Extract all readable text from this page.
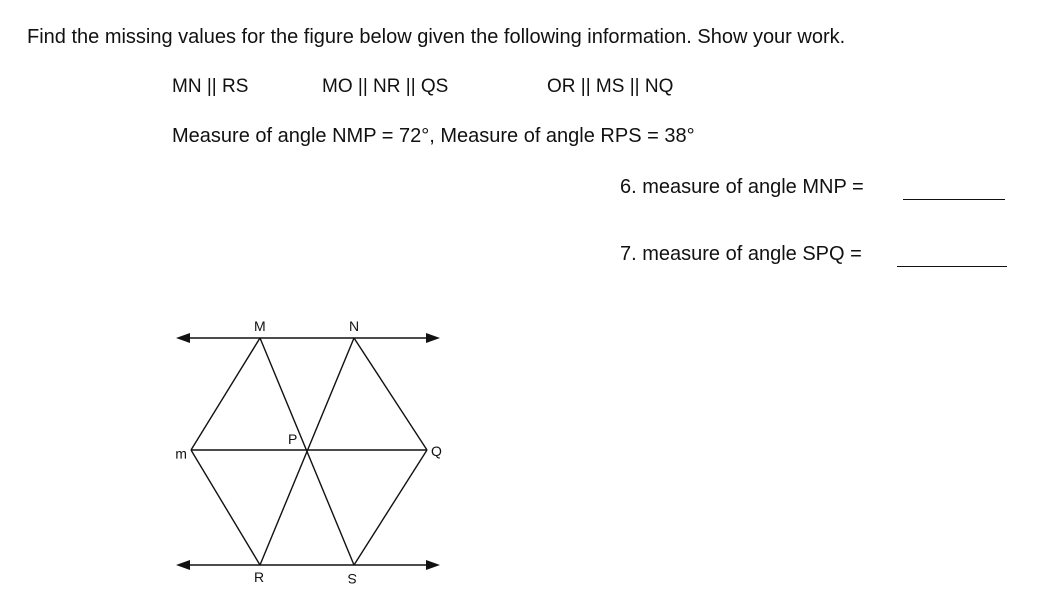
Find the missing values for the figure below given the following information. Show your work.
MN || RS	MO || NR || QS	OR || MS || NQ
Measure of angle NMP = 72°, Measure of angle RPS = 38°
6. measure of angle MNP =
7. measure of angle SPQ =
M	N
P
Q
ᴟ
R	S
